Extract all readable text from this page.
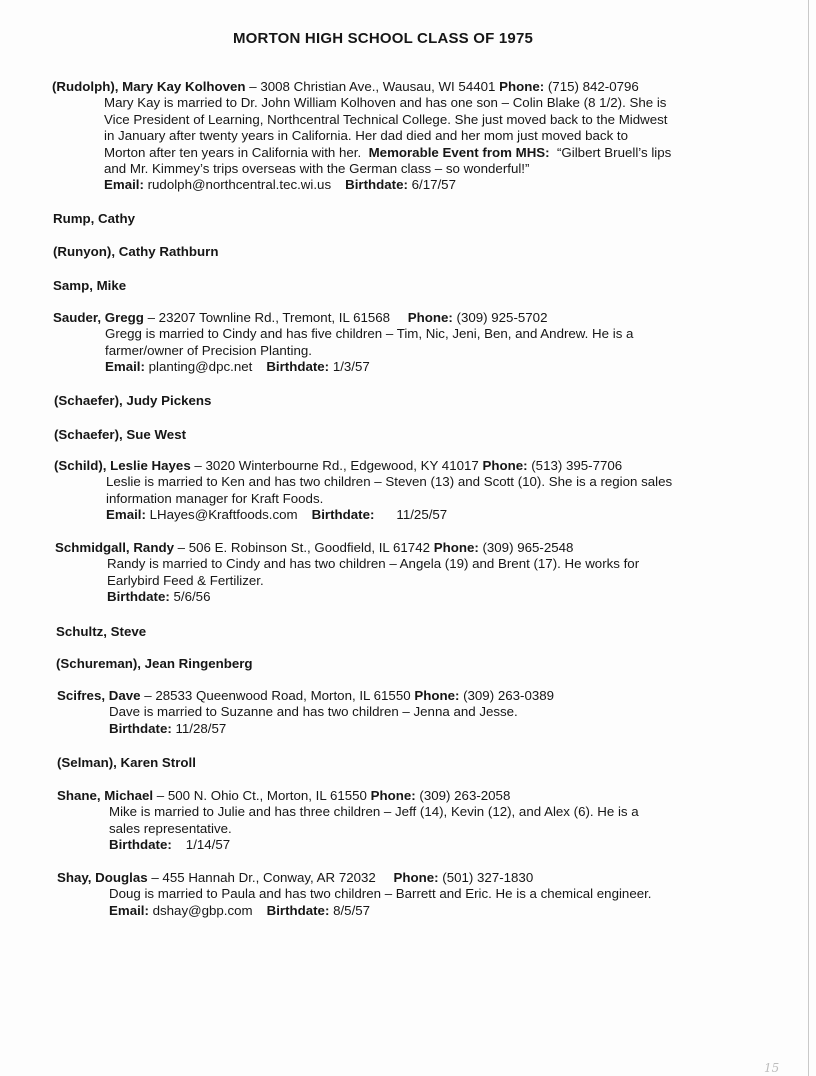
MORTON HIGH SCHOOL CLASS OF 1975
(Rudolph), Mary Kay Kolhoven – 3008 Christian Ave., Wausau, WI 54401 Phone: (715) 842-0796
Mary Kay is married to Dr. John William Kolhoven and has one son – Colin Blake (8 1/2). She is
Vice President of Learning, Northcentral Technical College. She just moved back to the Midwest
in January after twenty years in California. Her dad died and her mom just moved back to
Morton after ten years in California with her. Memorable Event from MHS: “Gilbert Bruell’s lips
and Mr. Kimmey’s trips overseas with the German class – so wonderful!”
Email: rudolph@northcentral.tec.wi.us Birthdate: 6/17/57
Rump, Cathy
(Runyon), Cathy Rathburn
Samp, Mike
Sauder, Gregg – 23207 Townline Rd., Tremont, IL 61568 Phone: (309) 925-5702
Gregg is married to Cindy and has five children – Tim, Nic, Jeni, Ben, and Andrew. He is a
farmer/owner of Precision Planting.
Email: planting@dpc.net Birthdate: 1/3/57
(Schaefer), Judy Pickens
(Schaefer), Sue West
(Schild), Leslie Hayes – 3020 Winterbourne Rd., Edgewood, KY 41017 Phone: (513) 395-7706
Leslie is married to Ken and has two children – Steven (13) and Scott (10). She is a region sales
information manager for Kraft Foods.
Email: LHayes@Kraftfoods.com Birthdate: 11/25/57
Schmidgall, Randy – 506 E. Robinson St., Goodfield, IL 61742 Phone: (309) 965-2548
Randy is married to Cindy and has two children – Angela (19) and Brent (17). He works for
Earlybird Feed & Fertilizer.
Birthdate: 5/6/56
Schultz, Steve
(Schureman), Jean Ringenberg
Scifres, Dave – 28533 Queenwood Road, Morton, IL 61550 Phone: (309) 263-0389
Dave is married to Suzanne and has two children – Jenna and Jesse.
Birthdate: 11/28/57
(Selman), Karen Stroll
Shane, Michael – 500 N. Ohio Ct., Morton, IL 61550 Phone: (309) 263-2058
Mike is married to Julie and has three children – Jeff (14), Kevin (12), and Alex (6). He is a
sales representative.
Birthdate: 1/14/57
Shay, Douglas – 455 Hannah Dr., Conway, AR 72032 Phone: (501) 327-1830
Doug is married to Paula and has two children – Barrett and Eric. He is a chemical engineer.
Email: dshay@gbp.com Birthdate: 8/5/57
15
